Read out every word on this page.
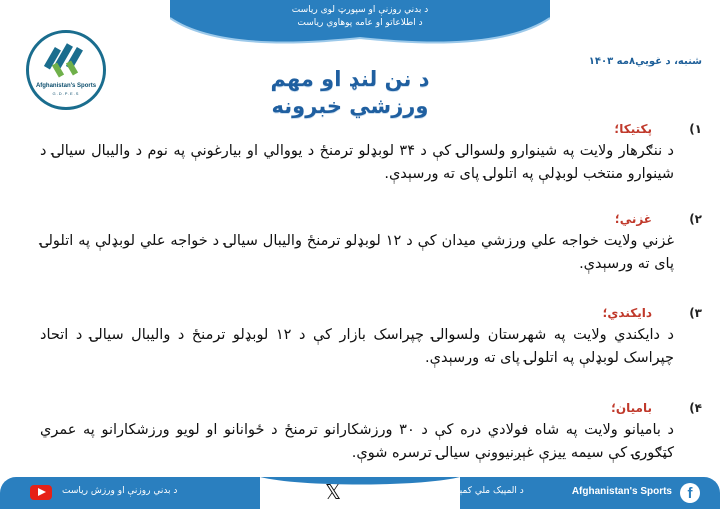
د بدني روزنې او سپورټ لوی ریاست
د اطلاعاتو او عامه پوهاوي ریاست
Afghanistan's Sports
G.D.P.E.S
شنبه، د غويي۸مه ۱۴۰۳
د نن لنډ او مهم
ورزشي خبرونه
(۱
پکتیکا؛
د ننګرهار ولایت په شینوارو ولسوالۍ کې د ۳۴ لوبډلو ترمنځ د یووالي او بیارغونې په نوم د والیبال سیالۍ د شینوارو منتخب لوبډلې په اتلولۍ پای ته ورسېدې.
(۲
غزني؛
غزني ولایت خواجه علي ورزشي میدان کې د ۱۲ لوبډلو ترمنځ والیبال سیالۍ د خواجه علي لوبډلې په اتلولۍ پای ته ورسېدې.
(۳
دایکندي؛
د دایکندي ولایت په شهرستان ولسوالۍ چپراسک بازار کې د ۱۲ لوبډلو ترمنځ د والیبال سیالۍ د اتحاد چپراسک لوبډلې په اتلولۍ پای ته ورسېدې.
(۴
بامیان؛
د بامیانو ولایت په شاه فولادي دره کې د ۳۰ ورزشکارانو ترمنځ د ځوانانو او لویو ورزشکارانو په عمري کټګورۍ کې سیمه ییزې غېږنیوونې سیالۍ ترسره شوې.
f
Afghanistan's Sports
𝕏 د المپیک ملي کمېټې او سپورټ عمومي ریاست
د بدني روزنې او ورزش ریاست
